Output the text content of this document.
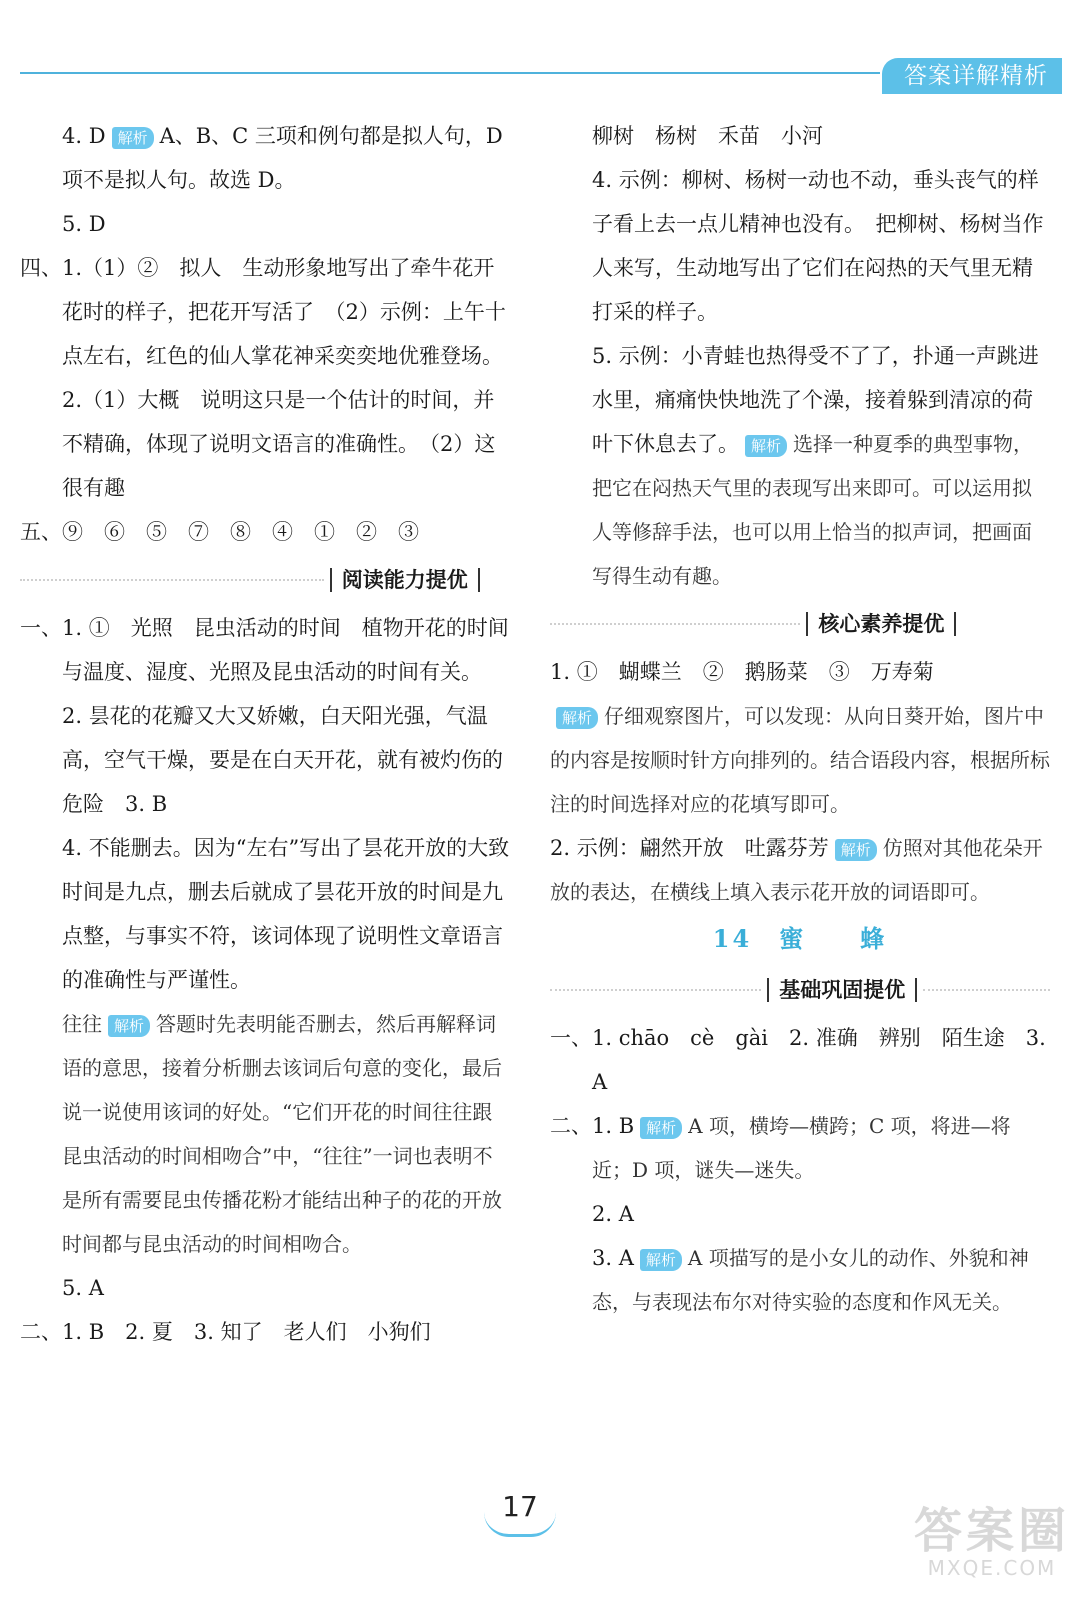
答案详解精析

4. D 解析 A、B、C 三项和例句都是拟人句，D 项不是拟人句。故选 D。

5. D

四、1.（1）②　拟人　生动形象地写出了牵牛花开花时的样子，把花开写活了　（2）示例：上午十点左右，红色的仙人掌花神采奕奕地优雅登场。

2.（1）大概　说明这只是一个估计的时间，并不精确，体现了说明文语言的准确性。　（2）这很有趣

五、⑨　⑥　⑤　⑦　⑧　④　①　②　③

阅读能力提优

一、1. ①　光照　昆虫活动的时间　植物开花的时间与温度、湿度、光照及昆虫活动的时间有关。

2. 昙花的花瓣又大又娇嫩，白天阳光强，气温高，空气干燥，要是在白天开花，就有被灼伤的危险　3. B

4. 不能删去。因为“左右”写出了昙花开放的大致时间是九点，删去后就成了昙花开放的时间是九点整，与事实不符，该词体现了说明性文章语言的准确性与严谨性。

往往 解析 答题时先表明能否删去，然后再解释词语的意思，接着分析删去该词后句意的变化，最后说一说使用该词的好处。“它们开花的时间往往跟昆虫活动的时间相吻合”中，“往往”一词也表明不是所有需要昆虫传播花粉才能结出种子的花的开放时间都与昆虫活动的时间相吻合。

5. A

二、1. B　2. 夏　3. 知了　老人们　小狗们

柳树　杨树　禾苗　小河

4. 示例：柳树、杨树一动也不动，垂头丧气的样子看上去一点儿精神也没有。　把柳树、杨树当作人来写，生动地写出了它们在闷热的天气里无精打采的样子。

5. 示例：小青蛙也热得受不了了，扑通一声跳进水里，痛痛快快地洗了个澡，接着躲到清凉的荷叶下休息去了。 解析 选择一种夏季的典型事物，把它在闷热天气里的表现写出来即可。可以运用拟人等修辞手法，也可以用上恰当的拟声词，把画面写得生动有趣。

核心素养提优

1. ①　蝴蝶兰　②　鹅肠菜　③　万寿菊

解析 仔细观察图片，可以发现：从向日葵开始，图片中的内容是按顺时针方向排列的。结合语段内容，根据所标注的时间选择对应的花填写即可。

2. 示例：翩然开放　吐露芬芳 解析 仿照对其他花朵开放的表达，在横线上填入表示花开放的词语即可。

14　蜜　　蜂
基础巩固提优

一、1. chāo　cè　gài　2. 准确　辨别　陌生途　3. A

二、1. B 解析 A 项，横垮—横跨；C 项，将进—将近；D 项，谜失—迷失。

2. A

3. A 解析 A 项描写的是小女儿的动作、外貌和神态，与表现法布尔对待实验的态度和作风无关。

17	答案圈
MXQE.COM
